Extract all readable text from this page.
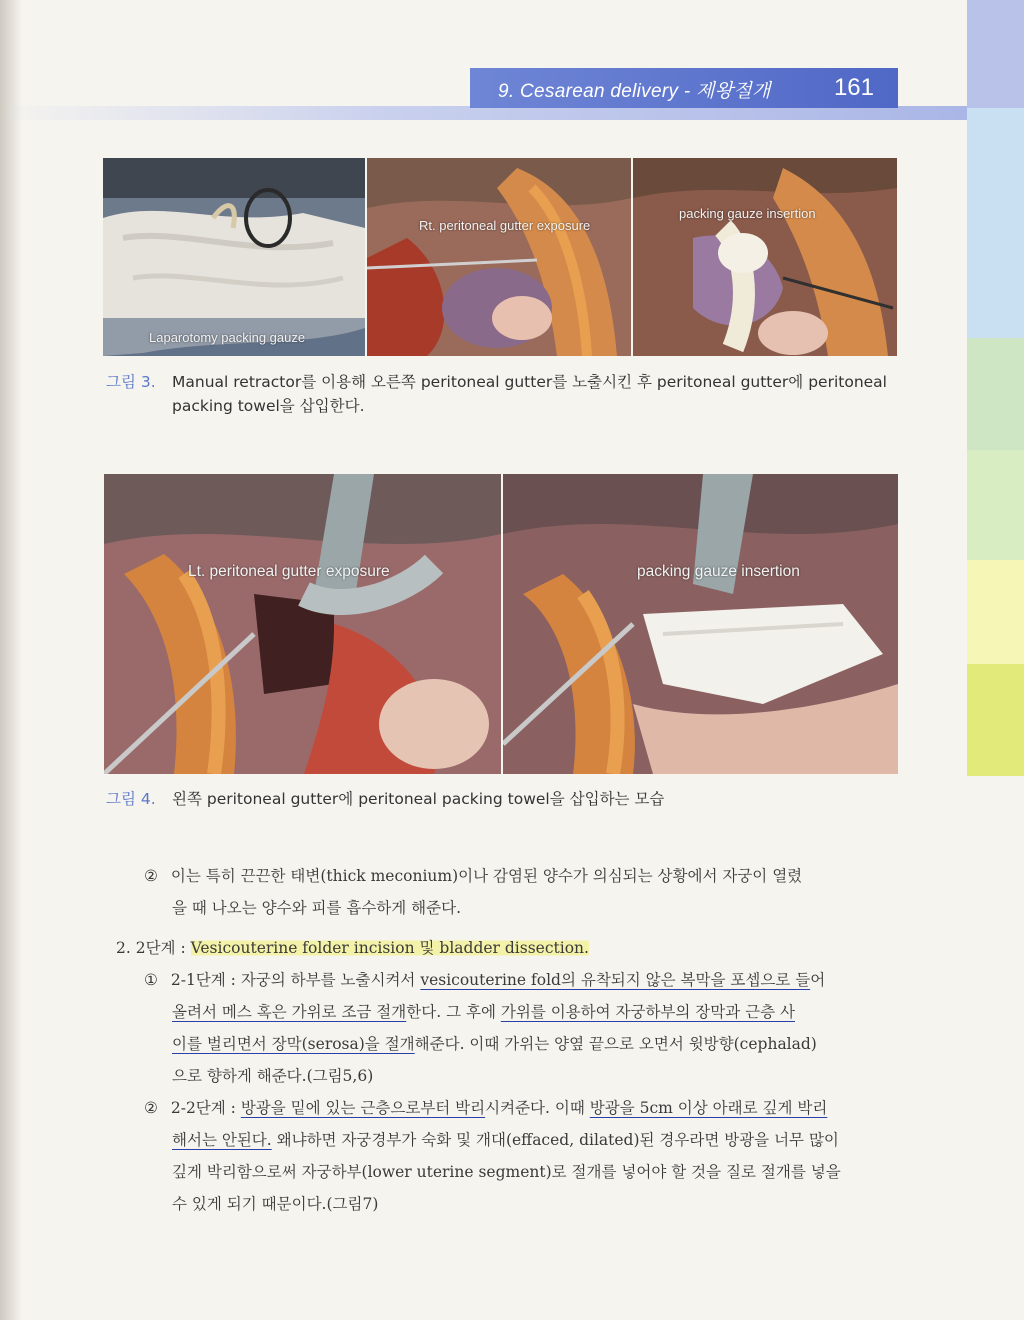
9. Cesarean delivery - 제왕절개	161
Laparotomy packing gauze
Rt. peritoneal gutter exposure
packing gauze insertion
그림 3. Manual retractor를 이용해 오른쪽 peritoneal gutter를 노출시킨 후 peritoneal gutter에 peritoneal
packing towel을 삽입한다.
Lt. peritoneal gutter exposure	packing gauze insertion
그림 4. 왼쪽 peritoneal gutter에 peritoneal packing towel을 삽입하는 모습
② 이는 특히 끈끈한 태변(thick meconium)이나 감염된 양수가 의심되는 상황에서 자궁이 열렸
을 때 나오는 양수와 피를 흡수하게 해준다.
2. 2단계 : Vesicouterine folder incision 및 bladder dissection.
① 2-1단계 : 자궁의 하부를 노출시켜서 vesicouterine fold의 유착되지 않은 복막을 포셉으로 들어
올려서 메스 혹은 가위로 조금 절개한다. 그 후에 가위를 이용하여 자궁하부의 장막과 근층 사
이를 벌리면서 장막(serosa)을 절개해준다. 이때 가위는 양옆 끝으로 오면서 윗방향(cephalad)
으로 향하게 해준다.(그림5,6)
② 2-2단계 : 방광을 밑에 있는 근층으로부터 박리시켜준다. 이때 방광을 5cm 이상 아래로 깊게 박리
해서는 안된다. 왜냐하면 자궁경부가 숙화 및 개대(effaced, dilated)된 경우라면 방광을 너무 많이
깊게 박리함으로써 자궁하부(lower uterine segment)로 절개를 넣어야 할 것을 질로 절개를 넣을
수 있게 되기 때문이다.(그림7)
